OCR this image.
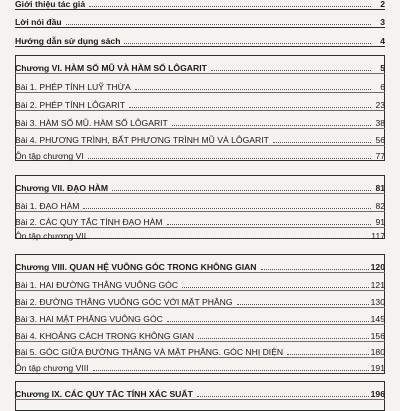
Giới thiệu tác giả	2
Lời nói đầu	3
Hướng dẫn sử dụng sách	4
Chương VI. HÀM SỐ MŨ VÀ HÀM SỐ LÔGARIT	5
Bài 1. PHÉP TÍNH LUỸ THỪA	6
Bài 2. PHÉP TÍNH LÔGARIT	23
Bài 3. HÀM SỐ MŨ. HÀM SỐ LÔGARIT	38
Bài 4. PHƯƠNG TRÌNH, BẤT PHƯƠNG TRÌNH MŨ VÀ LÔGARIT	56
Ôn tập chương VI	77
Chương VII. ĐẠO HÀM	81
Bài 1. ĐẠO HÀM	82
Bài 2. CÁC QUY TẮC TÍNH ĐẠO HÀM	91
Ôn tập chương VII	117
Chương VIII. QUAN HỆ VUÔNG GÓC TRONG KHÔNG GIAN	120
Bài 1. HAI ĐƯỜNG THẲNG VUÔNG GÓC	121
Bài 2. ĐƯỜNG THẲNG VUÔNG GÓC VỚI MẶT PHẲNG	130
Bài 3. HAI MẶT PHẲNG VUÔNG GÓC	145
Bài 4. KHOẢNG CÁCH TRONG KHÔNG GIAN	156
Bài 5. GÓC GIỮA ĐƯỜNG THẲNG VÀ MẶT PHẲNG. GÓC NHỊ DIỆN	180
Ôn tập chương VIII	191
Chương IX. CÁC QUY TẮC TÍNH XÁC SUẤT	196
